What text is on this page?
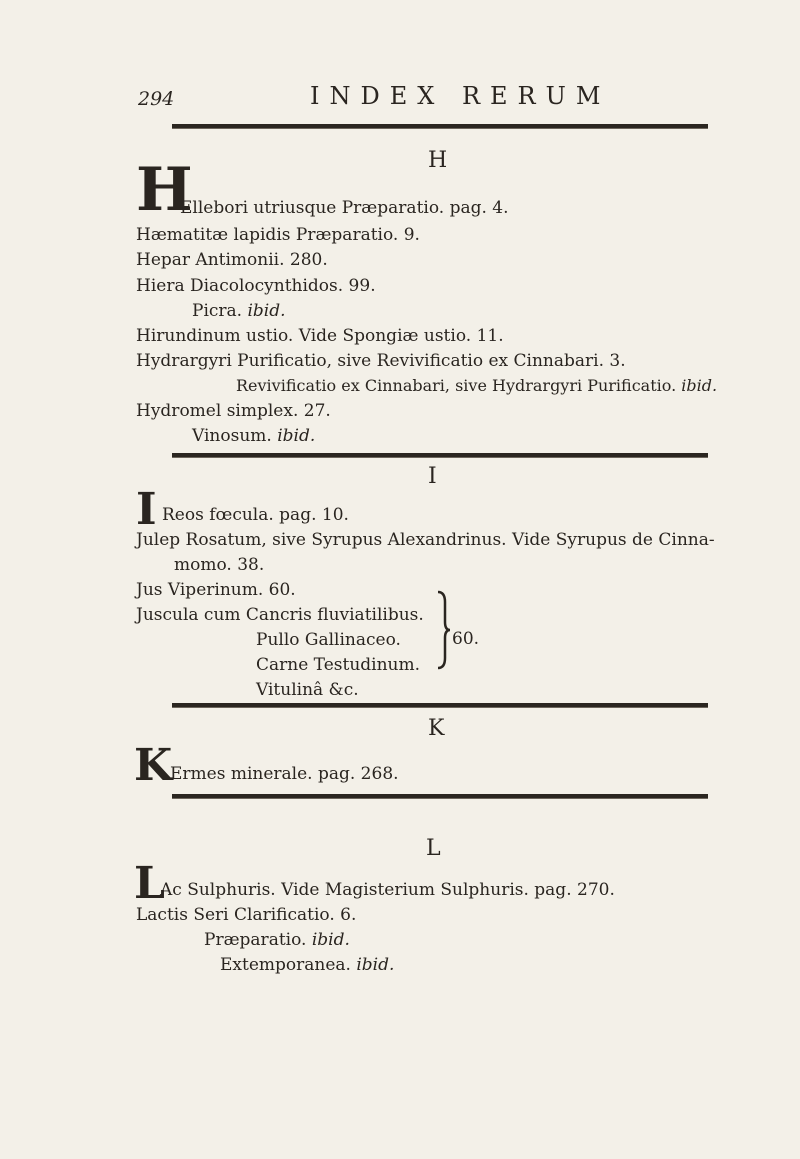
294	INDEX RERUM
H
H
Ellebori utriusque Præparatio. pag. 4.
Hæmatitæ lapidis Præparatio. 9.
Hepar Antimonii. 280.
Hiera Diacolocynthidos. 99.
Picra. ibid.
Hirundinum ustio. Vide Spongiæ ustio. 11.
Hydrargyri Purificatio, sive Revivificatio ex Cinnabari. 3.
Revivificatio ex Cinnabari, sive Hydrargyri Purificatio. ibid.
Hydromel simplex. 27.
Vinosum. ibid.
I
I Reos fœcula. pag. 10.
Julep Rosatum, sive Syrupus Alexandrinus. Vide Syrupus de Cinna-
momo. 38.
Jus Viperinum. 60.
Juscula cum Cancris fluviatilibus.
Pullo Gallinaceo.
Carne Testudinum.
Vitulinâ &c.
60.
K
K
Ermes minerale. pag. 268.
L
L
Ac Sulphuris. Vide Magisterium Sulphuris. pag. 270.
Lactis Seri Clarificatio. 6.
Præparatio. ibid.
Extemporanea. ibid.
